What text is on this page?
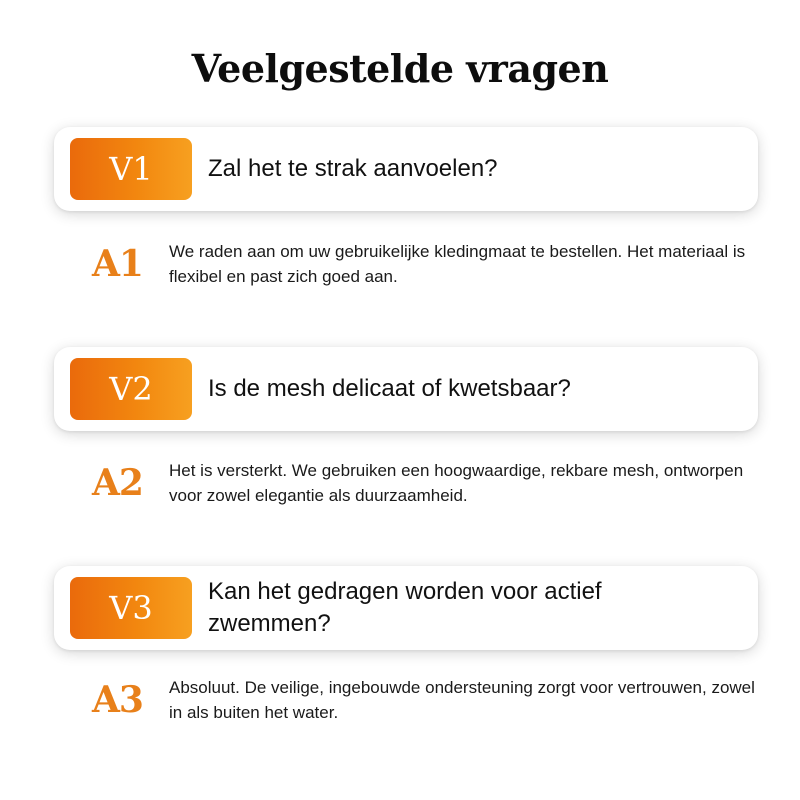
Veelgestelde vragen
V1	Zal het te strak aanvoelen?
A1	We raden aan om uw gebruikelijke kledingmaat te bestellen. Het materiaal is flexibel en past zich goed aan.
V2	Is de mesh delicaat of kwetsbaar?
A2	Het is versterkt. We gebruiken een hoogwaardige, rekbare mesh, ontworpen voor zowel elegantie als duurzaamheid.
V3	Kan het gedragen worden voor actief zwemmen?
A3	Absoluut. De veilige, ingebouwde ondersteuning zorgt voor vertrouwen, zowel in als buiten het water.
